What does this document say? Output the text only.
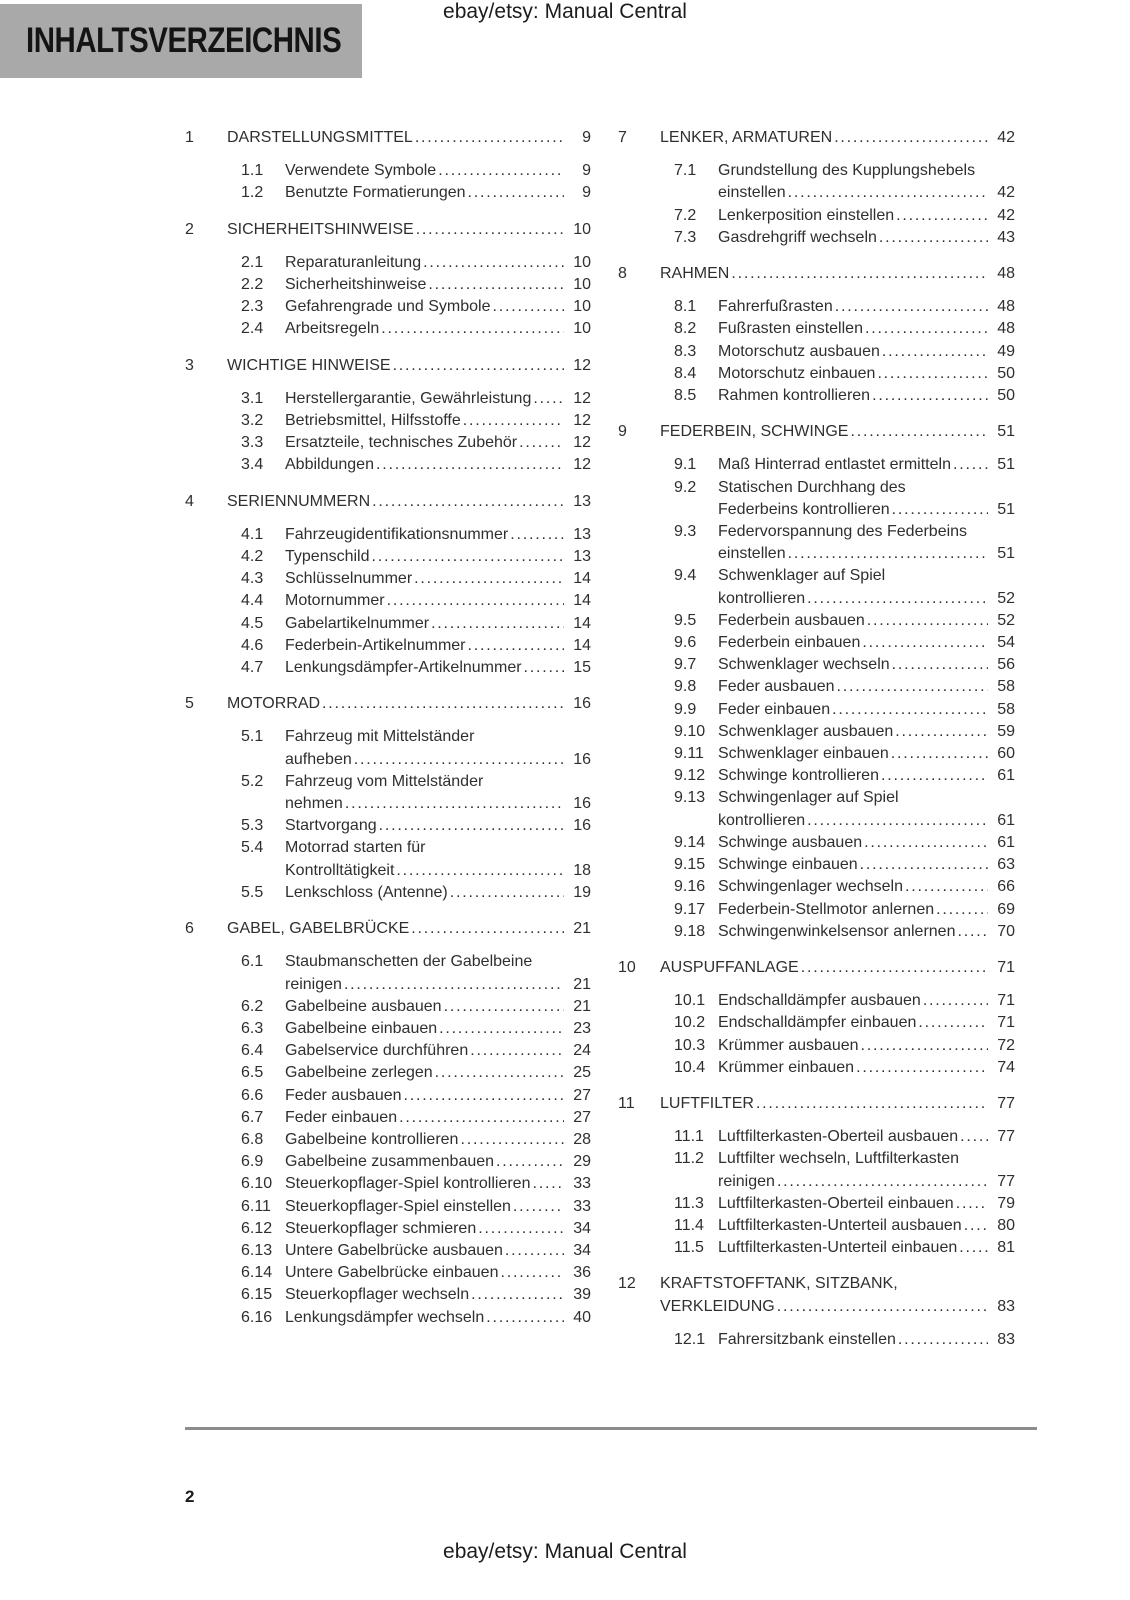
ebay/etsy: Manual Central
INHALTSVERZEICHNIS
1	DARSTELLUNGSMITTEL .....	9
1.1	Verwendete Symbole .....	9
1.2	Benutzte Formatierungen .....	9
2	SICHERHEITSHINWEISE .....	10
2.1	Reparaturanleitung .....	10
2.2	Sicherheitshinweise .....	10
2.3	Gefahrengrade und Symbole .....	10
2.4	Arbeitsregeln .....	10
3	WICHTIGE HINWEISE .....	12
3.1	Herstellergarantie, Gewährleistung .....	12
3.2	Betriebsmittel, Hilfsstoffe .....	12
3.3	Ersatzteile, technisches Zubehör .....	12
3.4	Abbildungen .....	12
4	SERIENNUMMERN .....	13
4.1	Fahrzeugidentifikationsnummer .....	13
4.2	Typenschild .....	13
4.3	Schlüsselnummer .....	14
4.4	Motornummer .....	14
4.5	Gabelartikelnummer .....	14
4.6	Federbein-Artikelnummer .....	14
4.7	Lenkungsdämpfer-Artikelnummer .....	15
5	MOTORRAD .....	16
5.1	Fahrzeug mit Mittelständer
aufheben .....	16
5.2	Fahrzeug vom Mittelständer
nehmen .....	16
5.3	Startvorgang .....	16
5.4	Motorrad starten für
Kontrolltätigkeit .....	18
5.5	Lenkschloss (Antenne) .....	19
6	GABEL, GABELBRÜCKE .....	21
6.1	Staubmanschetten der Gabelbeine
reinigen .....	21
6.2	Gabelbeine ausbauen .....	21
6.3	Gabelbeine einbauen .....	23
6.4	Gabelservice durchführen .....	24
6.5	Gabelbeine zerlegen .....	25
6.6	Feder ausbauen .....	27
6.7	Feder einbauen .....	27
6.8	Gabelbeine kontrollieren .....	28
6.9	Gabelbeine zusammenbauen .....	29
6.10 Steuerkopflager-Spiel kontrollieren .....	33
6.11 Steuerkopflager-Spiel einstellen .....	33
6.12 Steuerkopflager schmieren .....	34
6.13 Untere Gabelbrücke ausbauen .....	34
6.14 Untere Gabelbrücke einbauen .....	36
6.15 Steuerkopflager wechseln .....	39
6.16 Lenkungsdämpfer wechseln .....	40
7	LENKER, ARMATUREN .....	42
7.1	Grundstellung des Kupplungshebels
einstellen .....	42
7.2	Lenkerposition einstellen .....	42
7.3	Gasdrehgriff wechseln .....	43
8	RAHMEN .....	48
8.1	Fahrerfußrasten .....	48
8.2	Fußrasten einstellen .....	48
8.3	Motorschutz ausbauen .....	49
8.4	Motorschutz einbauen .....	50
8.5	Rahmen kontrollieren .....	50
9	FEDERBEIN, SCHWINGE .....	51
9.1	Maß Hinterrad entlastet ermitteln .....	51
9.2	Statischen Durchhang des
Federbeins kontrollieren .....	51
9.3	Federvorspannung des Federbeins
einstellen .....	51
9.4	Schwenklager auf Spiel
kontrollieren .....	52
9.5	Federbein ausbauen .....	52
9.6	Federbein einbauen .....	54
9.7	Schwenklager wechseln .....	56
9.8	Feder ausbauen .....	58
9.9	Feder einbauen .....	58
9.10 Schwenklager ausbauen .....	59
9.11 Schwenklager einbauen .....	60
9.12 Schwinge kontrollieren .....	61
9.13 Schwingenlager auf Spiel
kontrollieren .....	61
9.14 Schwinge ausbauen .....	61
9.15 Schwinge einbauen .....	63
9.16 Schwingenlager wechseln .....	66
9.17 Federbein-Stellmotor anlernen .....	69
9.18 Schwingenwinkelsensor anlernen .....	70
10	AUSPUFFANLAGE .....	71
10.1 Endschalldämpfer ausbauen .....	71
10.2 Endschalldämpfer einbauen .....	71
10.3 Krümmer ausbauen .....	72
10.4 Krümmer einbauen .....	74
11	LUFTFILTER .....	77
11.1 Luftfilterkasten-Oberteil ausbauen .....	77
11.2 Luftfilter wechseln, Luftfilterkasten
reinigen .....	77
11.3 Luftfilterkasten-Oberteil einbauen .....	79
11.4 Luftfilterkasten-Unterteil ausbauen .....	80
11.5 Luftfilterkasten-Unterteil einbauen .....	81
12	KRAFTSTOFFTANK, SITZBANK,
VERKLEIDUNG .....	83
12.1 Fahrersitzbank einstellen .....	83
2
ebay/etsy: Manual Central
